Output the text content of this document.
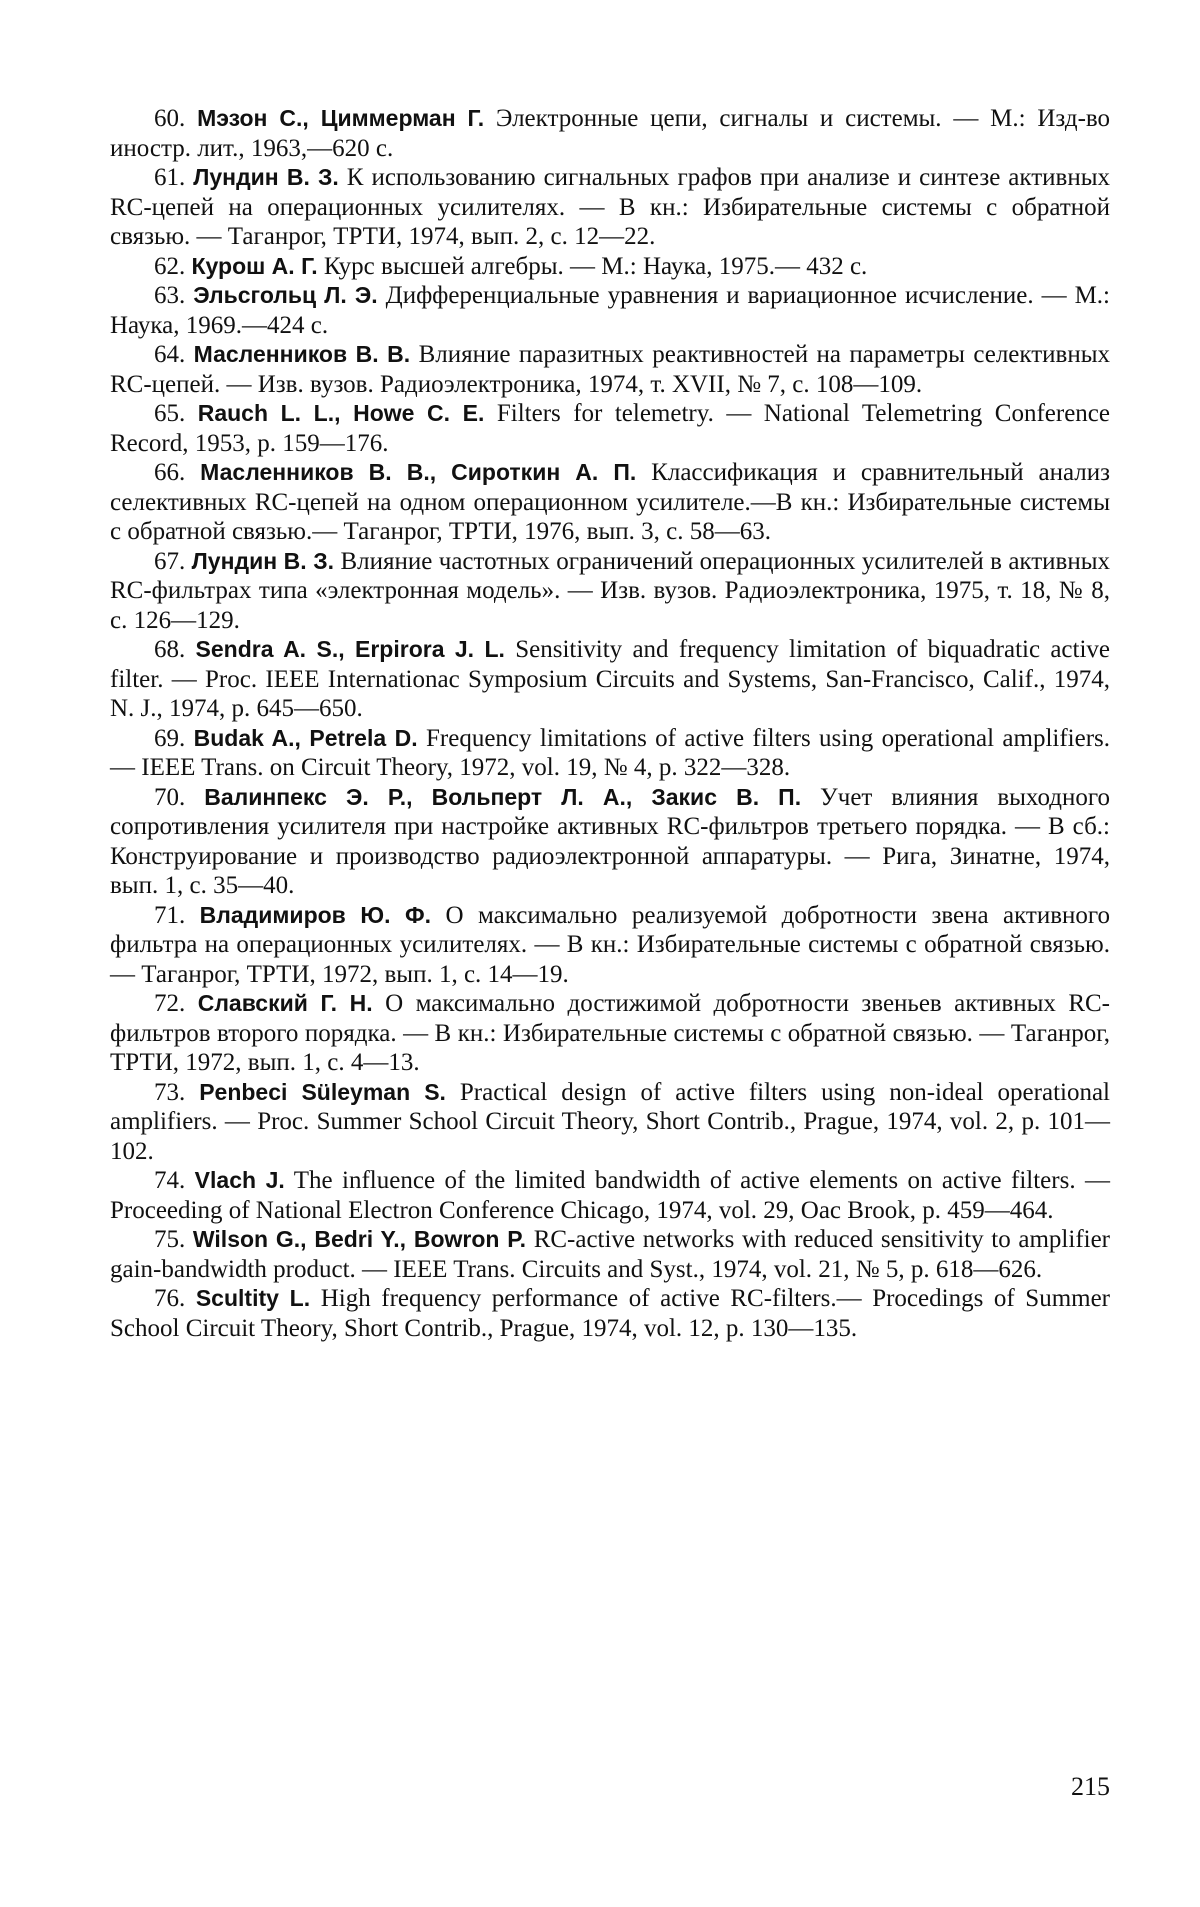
60. Мэзон С., Циммерман Г. Электронные цепи, сигналы и системы. — М.: Изд-во иностр. лит., 1963,—620 с.

61. Лундин В. З. К использованию сигнальных графов при анализе и синтезе активных RC-цепей на операционных усилителях. — В кн.: Избирательные системы с обратной связью. — Таганрог, ТРТИ, 1974, вып. 2, с. 12—22.

62. Курош А. Г. Курс высшей алгебры. — М.: Наука, 1975.— 432 с.

63. Эльсгольц Л. Э. Дифференциальные уравнения и вариационное исчисление. — М.: Наука, 1969.—424 с.

64. Масленников В. В. Влияние паразитных реактивностей на параметры селективных RC-цепей. — Изв. вузов. Радиоэлектроника, 1974, т. XVII, № 7, с. 108—109.

65. Rauch L. L., Howe C. E. Filters for telemetry. — National Telemetring Conference Record, 1953, p. 159—176.

66. Масленников В. В., Сироткин А. П. Классификация и сравнительный анализ селективных RC-цепей на одном операционном усилителе.—В кн.: Избирательные системы с обратной связью.— Таганрог, ТРТИ, 1976, вып. 3, с. 58—63.

67. Лундин В. З. Влияние частотных ограничений операционных усилителей в активных RC-фильтрах типа «электронная модель». — Изв. вузов. Радиоэлектроника, 1975, т. 18, № 8, с. 126—129.

68. Sendra A. S., Erpirora J. L. Sensitivity and frequency limitation of biquadratic active filter. — Proc. IEEE Internationac Symposium Circuits and Systems, San-Francisco, Calif., 1974, N. J., 1974, p. 645—650.

69. Budak A., Petrela D. Frequency limitations of active filters using operational amplifiers. — IEEE Trans. on Circuit Theory, 1972, vol. 19, № 4, p. 322—328.

70. Валинпекс Э. Р., Вольперт Л. А., Закис В. П. Учет влияния выходного сопротивления усилителя при настройке активных RC-фильтров третьего порядка. — В сб.: Конструирование и производство радиоэлектронной аппаратуры. — Рига, Зинатне, 1974, вып. 1, с. 35—40.

71. Владимиров Ю. Ф. О максимально реализуемой добротности звена активного фильтра на операционных усилителях. — В кн.: Избирательные системы с обратной связью. — Таганрог, ТРТИ, 1972, вып. 1, с. 14—19.

72. Славский Г. Н. О максимально достижимой добротности звеньев активных RC-фильтров второго порядка. — В кн.: Избирательные системы с обратной связью. — Таганрог, ТРТИ, 1972, вып. 1, с. 4—13.

73. Penbeci Süleyman S. Practical design of active filters using non-ideal operational amplifiers. — Proc. Summer School Circuit Theory, Short Contrib., Prague, 1974, vol. 2, p. 101—102.

74. Vlach J. The influence of the limited bandwidth of active elements on active filters. — Proceeding of National Electron Conference Chicago, 1974, vol. 29, Oac Brook, p. 459—464.

75. Wilson G., Bedri Y., Bowron P. RC-active networks with reduced sensitivity to amplifier gain-bandwidth product. — IEEE Trans. Circuits and Syst., 1974, vol. 21, № 5, p. 618—626.

76. Scultity L. High frequency performance of active RC-filters.— Procedings of Summer School Circuit Theory, Short Contrib., Prague, 1974, vol. 12, p. 130—135.

215
